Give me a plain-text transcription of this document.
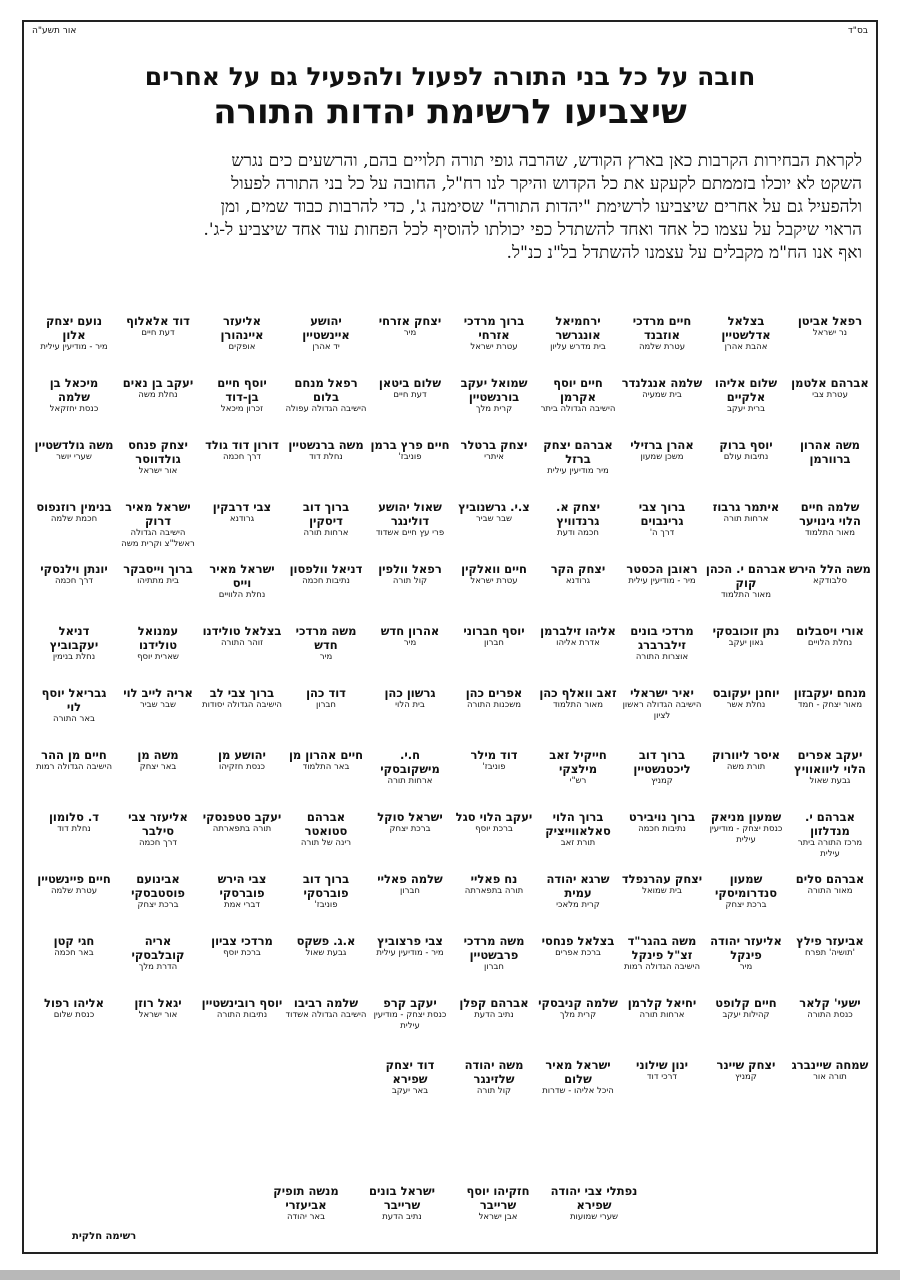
בס"ד
אור תשע"ה
חובה על כל בני התורה לפעול ולהפעיל גם על אחרים
שיצביעו לרשימת יהדות התורה

לקראת הבחירות הקרבות כאן בארץ הקודש, שהרבה גופי תורה תלויים בהם, והרשעים כים נגרש

השקט לא יוכלו בזממתם לקעקע את כל הקדוש והיקר לנו רח"ל, החובה על כל בני התורה לפעול

ולהפעיל גם על אחרים שיצביעו לרשימת "יהדות התורה" שסימנה ג', כדי להרבות כבוד שמים, ומן

הראוי שיקבל על עצמו כל אחד ואחד להשתדל כפי יכולתו להוסיף לכל הפחות עוד אחד שיצביע ל-ג'.

ואף אנו הח"מ מקבלים על עצמנו להשתדל בל"נ כנ"ל.

רפאל אביטן
נר ישראל
בצלאל אדלשטיין
אהבת אהרן
חיים מרדכי אוזבנד
עטרת שלמה
ירחמיאל אונגרשר
בית מדרש עליון
ברוך מרדכי אזרחי
עטרת ישראל
יצחק אזרחי
מיר
יהושע איינשטיין
יד אהרן
אליעזר איינהורן
אופקים
דוד אלאלוף
דעת חיים
נועם יצחק אלון
מיר - מודיעין עילית
אברהם אלטמן
עטרת צבי
שלום אליהו אלקיים
ברית יעקב
שלמה אנגלנדר
בית שמעיה
חיים יוסף אקרמן
הישיבה הגדולה ביתר
שמואל יעקב בורנשטיין
קרית מלך
שלום ביטאן
דעת חיים
רפאל מנחם בלום
הישיבה הגדולה עפולה
יוסף חיים בן-דוד
זכרון מיכאל
יעקב בן נאים
נחלת משה
מיכאל בן שלמה
כנסת יחזקאל
משה אהרון ברוורמן
יוסף ברוק
נתיבות עולם
אהרן ברזילי
משכן שמעון
אברהם יצחק ברזל
מיר מודיעין עילית
יצחק ברטלר
איתרי
חיים פרץ ברמן
פוניבז'
משה ברנשטיין
נחלת דוד
דורון דוד גולד
דרך חכמה
יצחק פנחס גולדווסר
אור ישראל
משה גולדשטיין
שערי יושר
שלמה חיים הלוי גינויער
מאור התלמוד
איתמר גרבוז
ארחות תורה
ברוך צבי גרינבוים
דרך ה'
יצחק א. גרנדוויץ
חכמה ודעת
צ.י. גרשנוביץ
שבר שביר
שאול יהושע דולינגר
פרי עץ חיים אשדוד
ברוך דוב דיסקין
ארחות תורה
צבי דרבקין
גרודנא
ישראל מאיר דרוק
הישיבה הגדולה ראשל"צ וקרית משה
בנימין רוזנפוס
חכמת שלמה
משה הלל הירש
סלבודקא
אברהם י. הכהן קוק
מאור התלמוד
ראובן הכסטר
מיר - מודיעין עילית
יצחק הקר
גרודנא
חיים וואלקין
עטרת ישראל
רפאל וולפין
קול תורה
דניאל וולפסון
נתיבות חכמה
ישראל מאיר וייס
נחלת הלוויים
ברוך וייסבקר
בית מתתיהו
יונתן וילנסקי
דרך חכמה
אורי ויסבלום
נחלת הלויים
נתן זוכובסקי
גאון יעקב
מרדכי בונים זילברברג
אוצרות התורה
אליהו זילברמן
אדרת אליהו
יוסף חברוני
חברון
אהרון חדש
מיר
משה מרדכי חדש
מיר
בצלאל טולידנו
זוהר התורה
עמנואל טולידנו
שארית יוסף
דניאל יעקבוביץ
נחלת בנימין
מנחם יעקבזון
מאור יצחק - חמד
יוחנן יעקובס
נחלת אשר
יאיר ישראלי
הישיבה הגדולה ראשון לציון
זאב וואלף כהן
מאור התלמוד
אפרים כהן
משכנות התורה
גרשון כהן
בית הלוי
דוד כהן
חברון
ברוך צבי לב
הישיבה הגדולה יסודות
אריה לייב לוי
שבר שביר
גבריאל יוסף לוי
באר התורה
יעקב אפרים הלוי ליוואוויץ
גבעת שאול
איסר ליוורוק
תורת משה
ברוך דוב ליכטנשטיין
קמניץ
חייקיל זאב מילצקי
רש"י
דוד מילר
פוניבז'
ח.י. מישקובסקי
ארחות תורה
חיים אהרון מן
באר התלמוד
יהושע מן
כנסת חזקיהו
משה מן
באר יצחק
חיים מן ההר
הישיבה הגדולה רמות
אברהם י. מנדלזון
מרכז התורה ביתר עילית
שמעון מניאק
כנסת יצחק - מודיעין עילית
ברוך נויבירט
נתיבות חכמה
ברוך הלוי סאלאווייציק
תורת זאב
יעקב הלוי סגל
ברכת יוסף
ישראל סוקל
ברכת יצחק
אברהם סטואטר
רינה של תורה
יעקב סטפנסקי
תורה בתפארתה
אליעזר צבי סילבר
דרך חכמה
ד. סלומון
נחלת דוד
אברהם סלים
מאור התורה
שמעון סנדרומיסקי
ברכת יצחק
יצחק עהרנפלד
בית שמואל
שרגא יהודה עמית
קרית מלאכי
נח פאליי
תורה בתפארתה
שלמה פאליי
חברון
ברוך דוב פוברסקי
פוניבז'
צבי הירש פוברסקי
דברי אמת
אבינועם פוסטבסקי
ברכת יצחק
חיים פיינשטיין
עטרת שלמה
אביעזר פילץ
'תושיה' תפרח
אליעזר יהודה פינקל
מיר
משה בהגר"ד זצ"ל פינקל
הישיבה הגדולה רמות
בצלאל פנחסי
ברכת אפרים
משה מרדכי פרבשטיין
חברון
צבי פרצוביץ
מיר - מודיעין עילית
א.ג. פשקס
גבעת שאול
מרדכי צביון
ברכת יוסף
אריה קובלבסקי
הדרת מלך
חגי קטן
באר חכמה
ישעי' קלאר
כנסת התורה
חיים קלופט
קהילות יעקב
יחיאל קלרמן
ארחות תורה
שלמה קניבסקי
קרית מלך
אברהם קפלן
נתיב הדעת
יעקב קרפ
כנסת יצחק - מודיעין עילית
שלמה רביבו
הישיבה הגדולה אשדוד
יוסף רובינשטיין
נתיבות התורה
יגאל רוזן
אור ישראל
אליהו רפול
כנסת שלום
שמחה שיינברג
תורה אור
יצחק שיינר
קמניץ
ינון שילוני
דרכי דוד
ישראל מאיר שלום
היכל אליהו - שדרות
משה יהודה שלזינגר
קול תורה
דוד יצחק שפירא
באר יעקב
נפתלי צבי יהודה שפירא
שערי שמועות
חזקיהו יוסף שרייבר
אבן ישראל
ישראל בונים שרייבר
נתיב הדעת
מנשה תופיק אביעזרי
באר יהודה
רשימה חלקית
